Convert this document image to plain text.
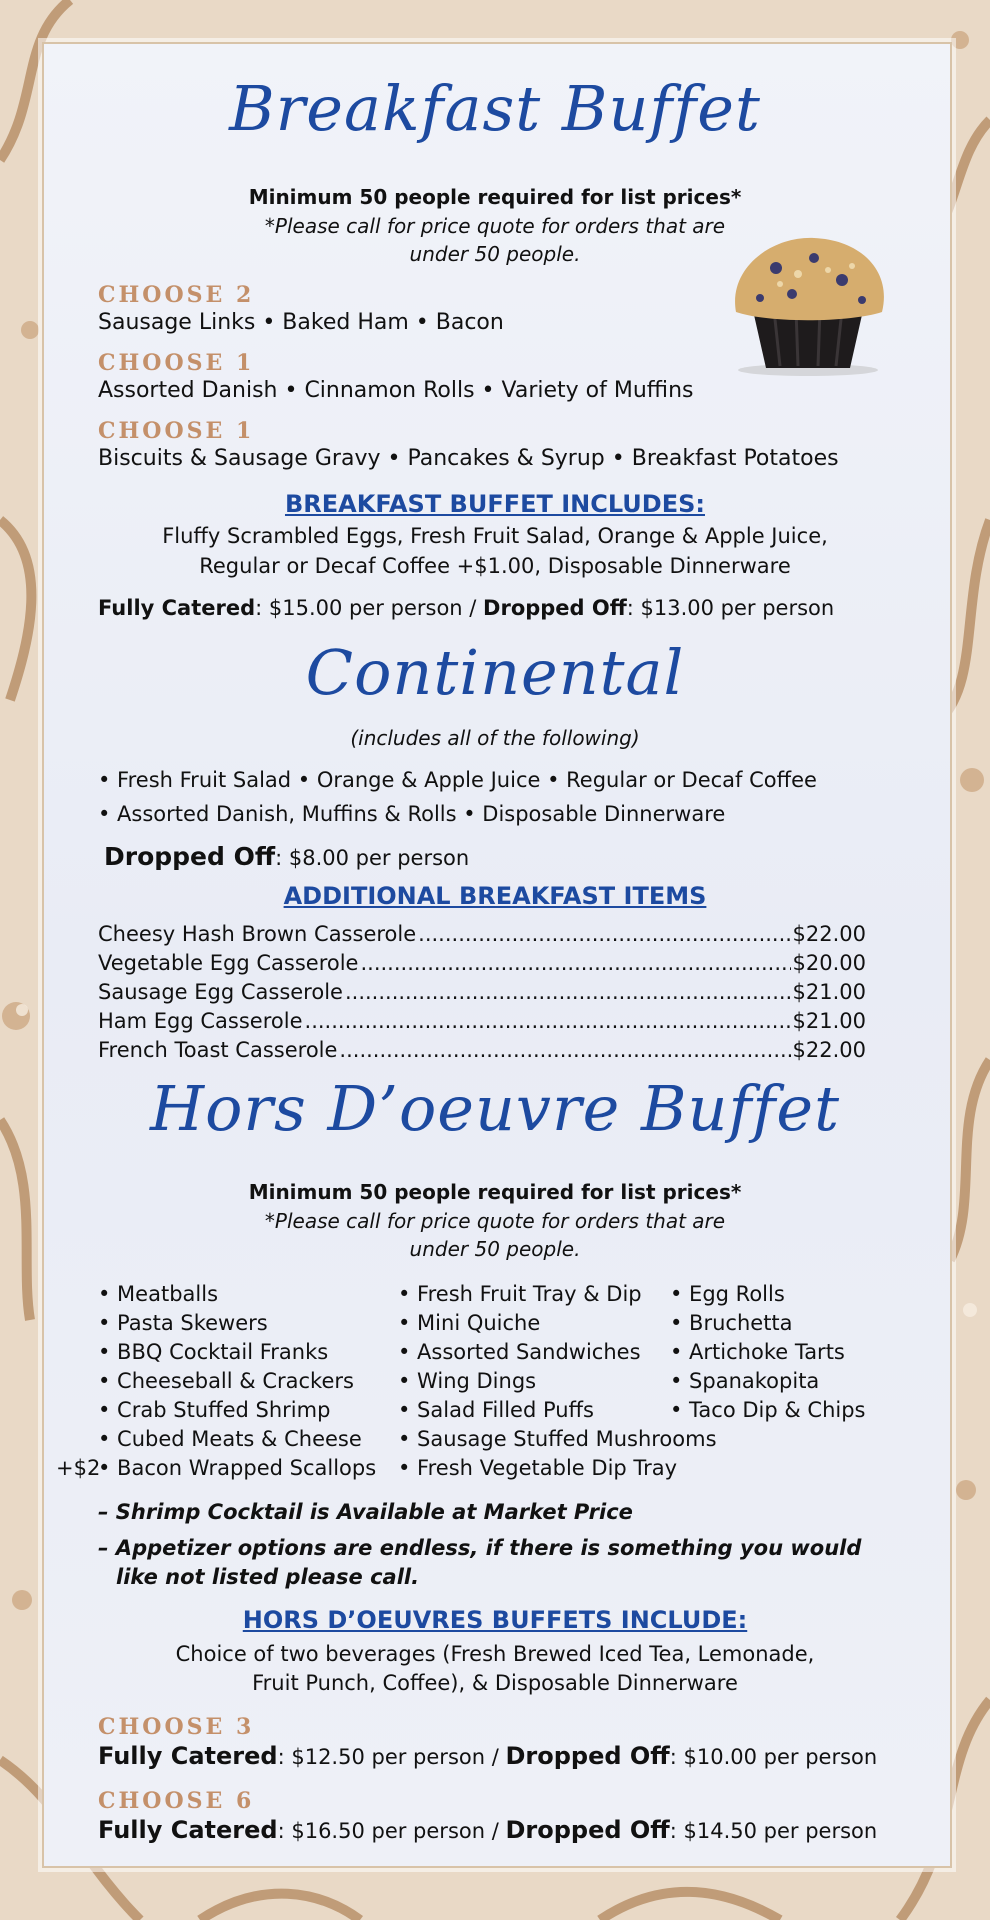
Breakfast Buffet
Minimum 50 people required for list prices*
*Please call for price quote for orders that are
under 50 people.
CHOOSE 2
Sausage Links • Baked Ham • Bacon
CHOOSE 1
Assorted Danish • Cinnamon Rolls • Variety of Muffins
CHOOSE 1
Biscuits & Sausage Gravy • Pancakes & Syrup • Breakfast Potatoes
BREAKFAST BUFFET INCLUDES:
Fluffy Scrambled Eggs, Fresh Fruit Salad, Orange & Apple Juice,
Regular or Decaf Coffee +$1.00, Disposable Dinnerware
Fully Catered: $15.00 per person / Dropped Off: $13.00 per person
Continental
(includes all of the following)
• Fresh Fruit Salad • Orange & Apple Juice • Regular or Decaf Coffee
• Assorted Danish, Muffins & Rolls • Disposable Dinnerware
Dropped Off: $8.00 per person
ADDITIONAL BREAKFAST ITEMS
Cheesy Hash Brown Casserole .....	$22.00
Vegetable Egg Casserole .....	$20.00
Sausage Egg Casserole .....	$21.00
Ham Egg Casserole .....	$21.00
French Toast Casserole .....	$22.00
Hors D’oeuvre Buffet
Minimum 50 people required for list prices*
*Please call for price quote for orders that are
under 50 people.
• Meatballs
• Pasta Skewers
• BBQ Cocktail Franks
• Cheeseball & Crackers
• Crab Stuffed Shrimp
• Cubed Meats & Cheese
• Bacon Wrapped Scallops
+$2
• Fresh Fruit Tray & Dip
• Mini Quiche
• Assorted Sandwiches
• Wing Dings
• Salad Filled Puffs
• Sausage Stuffed Mushrooms
• Fresh Vegetable Dip Tray
• Egg Rolls
• Bruchetta
• Artichoke Tarts
• Spanakopita
• Taco Dip & Chips
– Shrimp Cocktail is Available at Market Price
– Appetizer options are endless, if there is something you would
like not listed please call.
HORS D’OEUVRES BUFFETS INCLUDE:
Choice of two beverages (Fresh Brewed Iced Tea, Lemonade,
Fruit Punch, Coffee), & Disposable Dinnerware
CHOOSE 3
Fully Catered: $12.50 per person / Dropped Off: $10.00 per person
CHOOSE 6
Fully Catered: $16.50 per person / Dropped Off: $14.50 per person
